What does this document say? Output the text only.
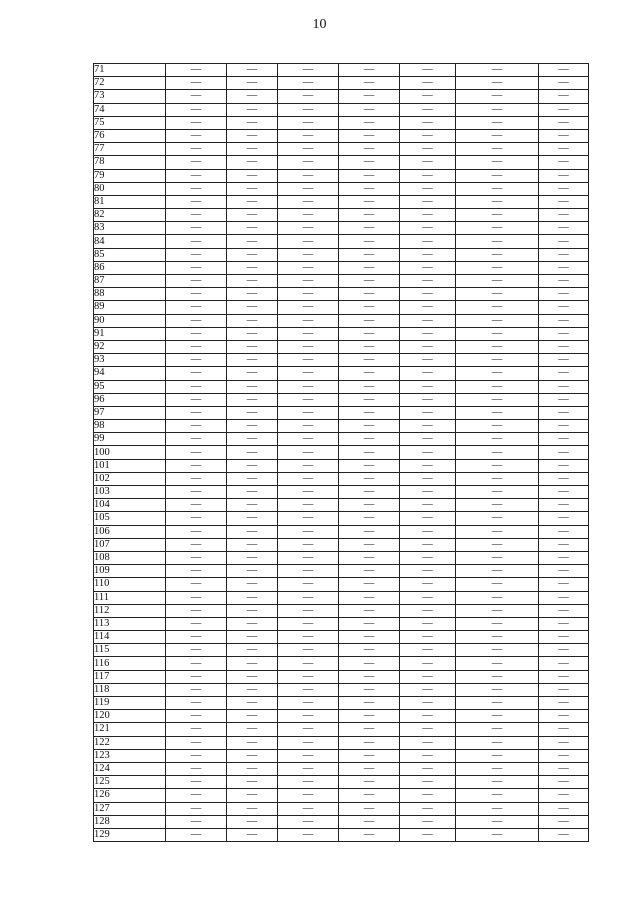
10
71	—	—	—	—	—	—	—
72	—	—	—	—	—	—	—
73	—	—	—	—	—	—	—
74	—	—	—	—	—	—	—
75	—	—	—	—	—	—	—
76	—	—	—	—	—	—	—
77	—	—	—	—	—	—	—
78	—	—	—	—	—	—	—
79	—	—	—	—	—	—	—
80	—	—	—	—	—	—	—
81	—	—	—	—	—	—	—
82	—	—	—	—	—	—	—
83	—	—	—	—	—	—	—
84	—	—	—	—	—	—	—
85	—	—	—	—	—	—	—
86	—	—	—	—	—	—	—
87	—	—	—	—	—	—	—
88	—	—	—	—	—	—	—
89	—	—	—	—	—	—	—
90	—	—	—	—	—	—	—
91	—	—	—	—	—	—	—
92	—	—	—	—	—	—	—
93	—	—	—	—	—	—	—
94	—	—	—	—	—	—	—
95	—	—	—	—	—	—	—
96	—	—	—	—	—	—	—
97	—	—	—	—	—	—	—
98	—	—	—	—	—	—	—
99	—	—	—	—	—	—	—
100	—	—	—	—	—	—	—
101	—	—	—	—	—	—	—
102	—	—	—	—	—	—	—
103	—	—	—	—	—	—	—
104	—	—	—	—	—	—	—
105	—	—	—	—	—	—	—
106	—	—	—	—	—	—	—
107	—	—	—	—	—	—	—
108	—	—	—	—	—	—	—
109	—	—	—	—	—	—	—
110	—	—	—	—	—	—	—
111	—	—	—	—	—	—	—
112	—	—	—	—	—	—	—
113	—	—	—	—	—	—	—
114	—	—	—	—	—	—	—
115	—	—	—	—	—	—	—
116	—	—	—	—	—	—	—
117	—	—	—	—	—	—	—
118	—	—	—	—	—	—	—
119	—	—	—	—	—	—	—
120	—	—	—	—	—	—	—
121	—	—	—	—	—	—	—
122	—	—	—	—	—	—	—
123	—	—	—	—	—	—	—
124	—	—	—	—	—	—	—
125	—	—	—	—	—	—	—
126	—	—	—	—	—	—	—
127	—	—	—	—	—	—	—
128	—	—	—	—	—	—	—
129	—	—	—	—	—	—	—
